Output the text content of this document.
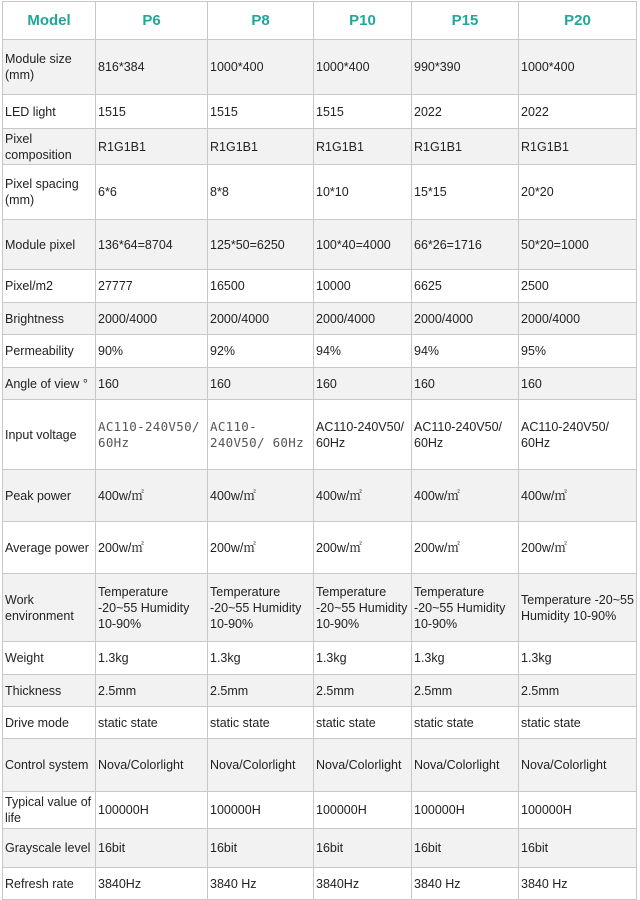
Model	P6	P8	P10	P15	P20
Module size (mm)	816*384	1000*400	1000*400	990*390	1000*400
LED light	1515	1515	1515	2022	2022
Pixel composition	R1G1B1	R1G1B1	R1G1B1	R1G1B1	R1G1B1
Pixel spacing (mm)	6*6	8*8	10*10	15*15	20*20
Module pixel	136*64=8704	125*50=6250	100*40=4000	66*26=1716	50*20=1000
Pixel/m2	27777	16500	10000	6625	2500
Brightness	2000/4000	2000/4000	2000/4000	2000/4000	2000/4000
Permeability	90%	92%	94%	94%	95%
Angle of view °	160	160	160	160	160
Input voltage	AC110-240V50/ 60Hz	AC110-240V50/ 60Hz	AC110-240V50/ 60Hz	AC110-240V50/ 60Hz	AC110-240V50/ 60Hz
Peak power	400w/㎡	400w/㎡	400w/㎡	400w/㎡	400w/㎡
Average power	200w/㎡	200w/㎡	200w/㎡	200w/㎡	200w/㎡
Work environment	Temperature -20~55 Humidity 10-90%	Temperature -20~55 Humidity 10-90%	Temperature -20~55 Humidity 10-90%	Temperature -20~55 Humidity 10-90%	Temperature -20~55 Humidity 10-90%
Weight	1.3kg	1.3kg	1.3kg	1.3kg	1.3kg
Thickness	2.5mm	2.5mm	2.5mm	2.5mm	2.5mm
Drive mode	static state	static state	static state	static state	static state
Control system	Nova/Colorlight	Nova/Colorlight	Nova/Colorlight	Nova/Colorlight	Nova/Colorlight
Typical value of life	100000H	100000H	100000H	100000H	100000H
Grayscale level	16bit	16bit	16bit	16bit	16bit
Refresh rate	3840Hz	3840 Hz	3840Hz	3840 Hz	3840 Hz
